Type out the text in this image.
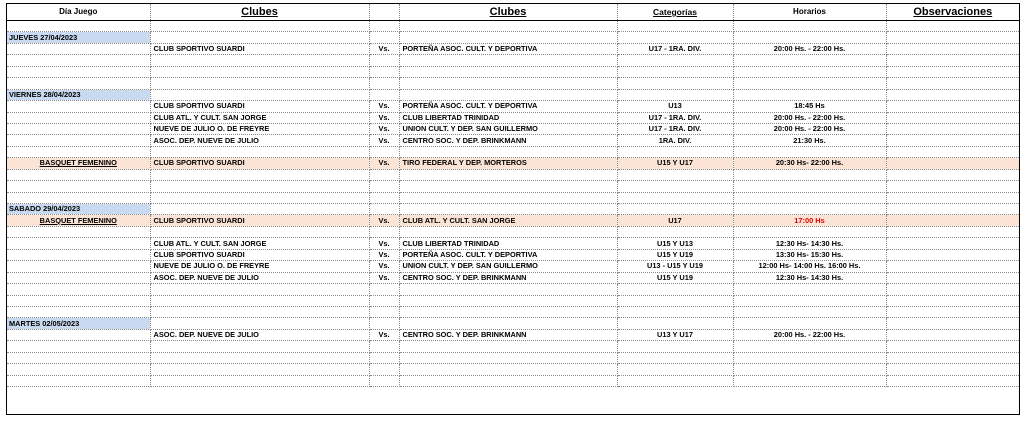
Día Juego	Clubes		Clubes	Categorías	Horarios	Observaciones

JUEVES 27/04/2023						
	CLUB SPORTIVO SUARDI	Vs.	PORTEÑA ASOC. CULT. Y DEPORTIVA	U17 - 1RA. DIV.	20:00 Hs. - 22:00 Hs.	

VIERNES 28/04/2023						
	CLUB SPORTIVO SUARDI	Vs.	PORTEÑA ASOC. CULT. Y DEPORTIVA	U13	18:45 Hs	
	CLUB ATL. Y CULT. SAN JORGE	Vs.	CLUB LIBERTAD TRINIDAD	U17 - 1RA. DIV.	20:00 Hs. - 22:00 Hs.	
	NUEVE DE JULIO O. DE FREYRE	Vs.	UNION CULT. Y DEP. SAN GUILLERMO	U17 - 1RA. DIV.	20:00 Hs. - 22:00 Hs.	
	ASOC. DEP. NUEVE DE JULIO	Vs.	CENTRO SOC. Y DEP. BRINKMANN	1RA. DIV.	21:30 Hs.	

BASQUET FEMENINO	CLUB SPORTIVO SUARDI	Vs.	TIRO FEDERAL Y DEP. MORTEROS	U15 Y U17	20:30 Hs- 22:00 Hs.	

SABADO 29/04/2023						
BASQUET FEMENINO	CLUB SPORTIVO SUARDI	Vs.	CLUB ATL. Y CULT. SAN JORGE	U17	17:00 Hs	

	CLUB ATL. Y CULT. SAN JORGE	Vs.	CLUB LIBERTAD TRINIDAD	U15 Y U13	12:30 Hs- 14:30 Hs.	
	CLUB SPORTIVO SUARDI	Vs.	PORTEÑA ASOC. CULT. Y DEPORTIVA	U15 Y U19	13:30 Hs- 15:30 Hs.	
	NUEVE DE JULIO O. DE FREYRE	Vs.	UNION CULT. Y DEP. SAN GUILLERMO	U13 - U15 Y U19	12:00 Hs- 14:00 Hs. 16:00 Hs.	
	ASOC. DEP. NUEVE DE JULIO	Vs.	CENTRO SOC. Y DEP. BRINKMANN	U15 Y U19	12:30 Hs- 14:30 Hs.	

MARTES 02/05/2023						
	ASOC. DEP. NUEVE DE JULIO	Vs.	CENTRO SOC. Y DEP. BRINKMANN	U13 Y U17	20:00 Hs. - 22:00 Hs.	
